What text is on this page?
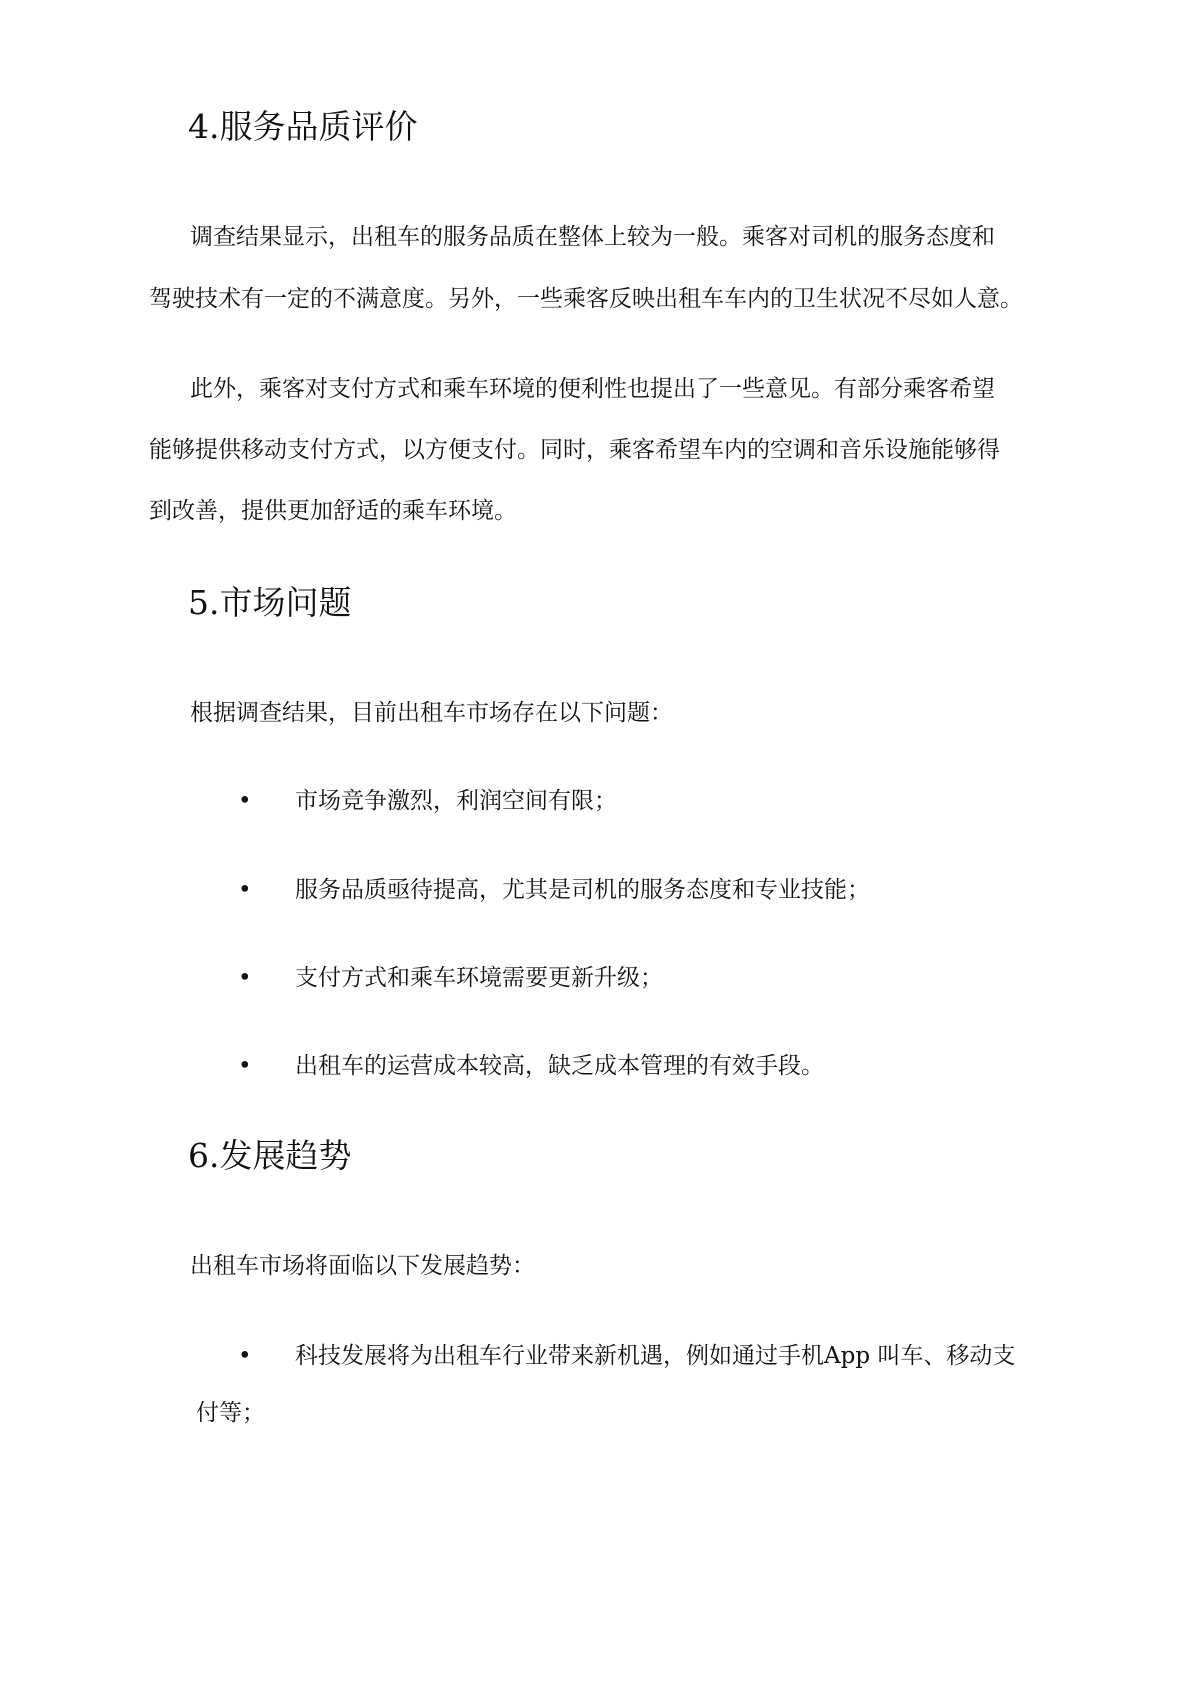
4.服务品质评价

调查结果显示，出租车的服务品质在整体上较为一般。乘客对司机的服务态度和

驾驶技术有一定的不满意度。另外，一些乘客反映出租车车内的卫生状况不尽如人意。

此外，乘客对支付方式和乘车环境的便利性也提出了一些意见。有部分乘客希望

能够提供移动支付方式，以方便支付。同时，乘客希望车内的空调和音乐设施能够得

到改善，提供更加舒适的乘车环境。

5.市场问题

根据调查结果，目前出租车市场存在以下问题：

• 市场竞争激烈，利润空间有限；
• 服务品质亟待提高，尤其是司机的服务态度和专业技能；
• 支付方式和乘车环境需要更新升级；
• 出租车的运营成本较高，缺乏成本管理的有效手段。
6.发展趋势

出租车市场将面临以下发展趋势：

• 科技发展将为出租车行业带来新机遇，例如通过手机App 叫车、移动支
付等；
